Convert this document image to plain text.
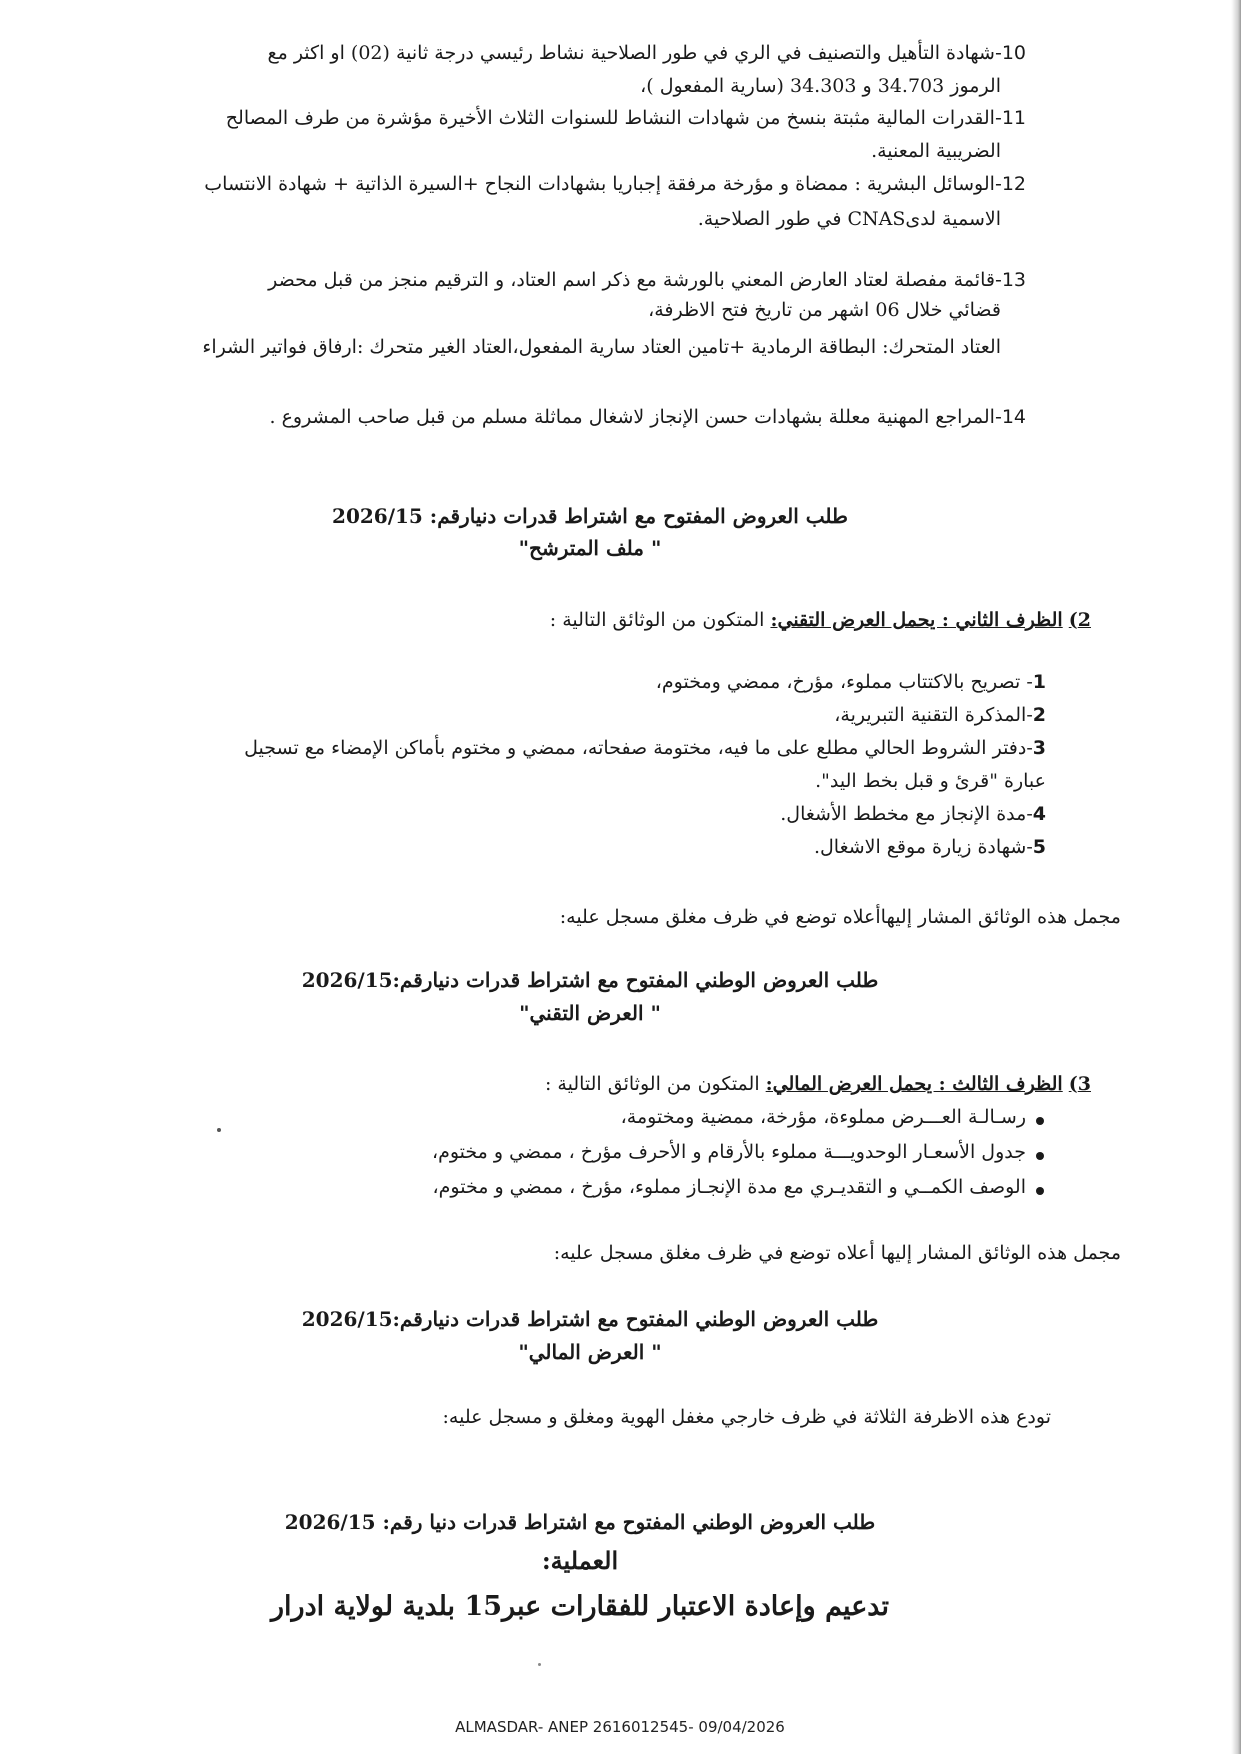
10-شهادة التأهيل والتصنيف في الري في طور الصلاحية نشاط رئيسي درجة ثانية (02) او اكثر مع
الرموز 34.703 و 34.303 (سارية المفعول )،
11-القدرات المالية مثبتة بنسخ من شهادات النشاط للسنوات الثلاث الأخيرة مؤشرة من طرف المصالح
الضريبية المعنية.
12-الوسائل البشرية : ممضاة و مؤرخة مرفقة إجباريا بشهادات النجاح +السيرة الذاتية + شهادة الانتساب
الاسمية لدىCNAS في طور الصلاحية.
13-قائمة مفصلة لعتاد العارض المعني بالورشة مع ذكر اسم العتاد، و الترقيم منجز من قبل محضر
قضائي خلال 06 اشهر من تاريخ فتح الاظرفة،
العتاد المتحرك: البطاقة الرمادية +تامين العتاد سارية المفعول،العتاد الغير متحرك :ارفاق فواتير الشراء
14-المراجع المهنية معللة بشهادات حسن الإنجاز لاشغال مماثلة مسلم من قبل صاحب المشروع .
طلب العروض المفتوح مع اشتراط قدرات دنيارقم: 2026/15
" ملف المترشح"
2) الظرف الثاني : يحمل العرض التقني: المتكون من الوثائق التالية :
1- تصريح بالاكتتاب مملوء، مؤرخ، ممضي ومختوم،
2-المذكرة التقنية التبريرية،
3-دفتر الشروط الحالي مطلع على ما فيه، مختومة صفحاته، ممضي و مختوم بأماكن الإمضاء مع تسجيل
عبارة "قرئ و قبل بخط اليد".
4-مدة الإنجاز مع مخطط الأشغال.
5-شهادة زيارة موقع الاشغال.
مجمل هذه الوثائق المشار إليهاأعلاه توضع في ظرف مغلق مسجل عليه:
طلب العروض الوطني المفتوح مع اشتراط قدرات دنيارقم:2026/15
" العرض التقني"
3) الظرف الثالث : يحمل العرض المالي: المتكون من الوثائق التالية :
رسـالـة العـــرض مملوءة، مؤرخة، ممضية ومختومة،
جدول الأسعـار الوحدويـــة مملوء بالأرقام و الأحرف مؤرخ ، ممضي و مختوم،
الوصف الكمــي و التقديـري مع مدة الإنجـاز مملوء، مؤرخ ، ممضي و مختوم،
مجمل هذه الوثائق المشار إليها أعلاه توضع في ظرف مغلق مسجل عليه:
طلب العروض الوطني المفتوح مع اشتراط قدرات دنيارقم:2026/15
" العرض المالي"
تودع هذه الاظرفة الثلاثة في ظرف خارجي مغفل الهوية ومغلق و مسجل عليه:
طلب العروض الوطني المفتوح مع اشتراط قدرات دنيا رقم: 2026/15
العملية:
تدعيم وإعادة الاعتبار للفقارات عبر15 بلدية لولاية ادرار
ALMASDAR- ANEP 2616012545- 09/04/2026
